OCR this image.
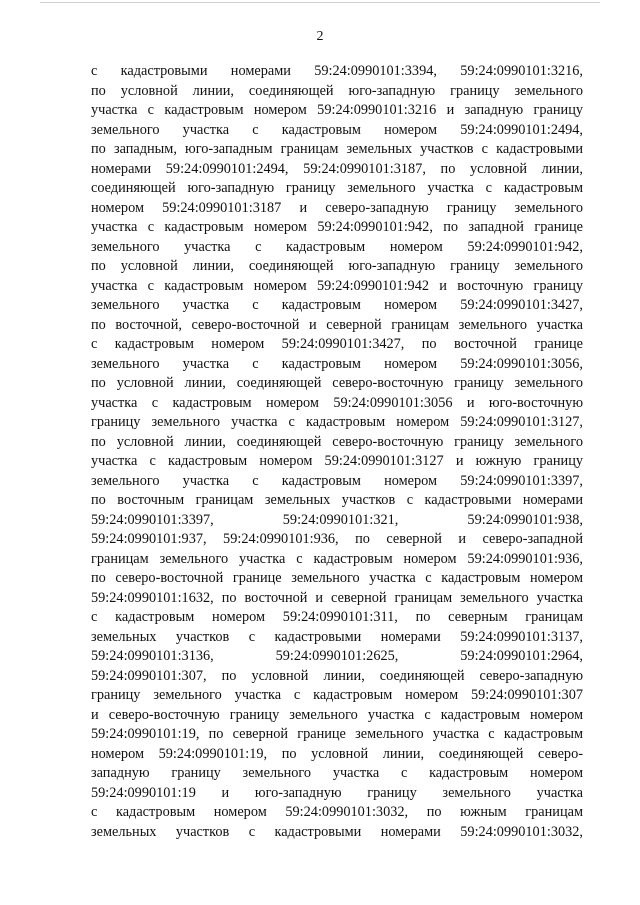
2
с кадастровыми номерами 59:24:0990101:3394, 59:24:0990101:3216,
по условной линии, соединяющей юго-западную границу земельного
участка с кадастровым номером 59:24:0990101:3216 и западную границу
земельного участка с кадастровым номером 59:24:0990101:2494,
по западным, юго-западным границам земельных участков с кадастровыми
номерами 59:24:0990101:2494, 59:24:0990101:3187, по условной линии,
соединяющей юго-западную границу земельного участка с кадастровым
номером 59:24:0990101:3187 и северо-западную границу земельного
участка с кадастровым номером 59:24:0990101:942, по западной границе
земельного участка с кадастровым номером 59:24:0990101:942,
по условной линии, соединяющей юго-западную границу земельного
участка с кадастровым номером 59:24:0990101:942 и восточную границу
земельного участка с кадастровым номером 59:24:0990101:3427,
по восточной, северо-восточной и северной границам земельного участка
с кадастровым номером 59:24:0990101:3427, по восточной границе
земельного участка с кадастровым номером 59:24:0990101:3056,
по условной линии, соединяющей северо-восточную границу земельного
участка с кадастровым номером 59:24:0990101:3056 и юго-восточную
границу земельного участка с кадастровым номером 59:24:0990101:3127,
по условной линии, соединяющей северо-восточную границу земельного
участка с кадастровым номером 59:24:0990101:3127 и южную границу
земельного участка с кадастровым номером 59:24:0990101:3397,
по восточным границам земельных участков с кадастровыми номерами
59:24:0990101:3397, 59:24:0990101:321, 59:24:0990101:938,
59:24:0990101:937, 59:24:0990101:936, по северной и северо-западной
границам земельного участка с кадастровым номером 59:24:0990101:936,
по северо-восточной границе земельного участка с кадастровым номером
59:24:0990101:1632, по восточной и северной границам земельного участка
с кадастровым номером 59:24:0990101:311, по северным границам
земельных участков с кадастровыми номерами 59:24:0990101:3137,
59:24:0990101:3136, 59:24:0990101:2625, 59:24:0990101:2964,
59:24:0990101:307, по условной линии, соединяющей северо-западную
границу земельного участка с кадастровым номером 59:24:0990101:307
и северо-восточную границу земельного участка с кадастровым номером
59:24:0990101:19, по северной границе земельного участка с кадастровым
номером 59:24:0990101:19, по условной линии, соединяющей северо-
западную границу земельного участка с кадастровым номером
59:24:0990101:19 и юго-западную границу земельного участка
с кадастровым номером 59:24:0990101:3032, по южным границам
земельных участков с кадастровыми номерами 59:24:0990101:3032,
